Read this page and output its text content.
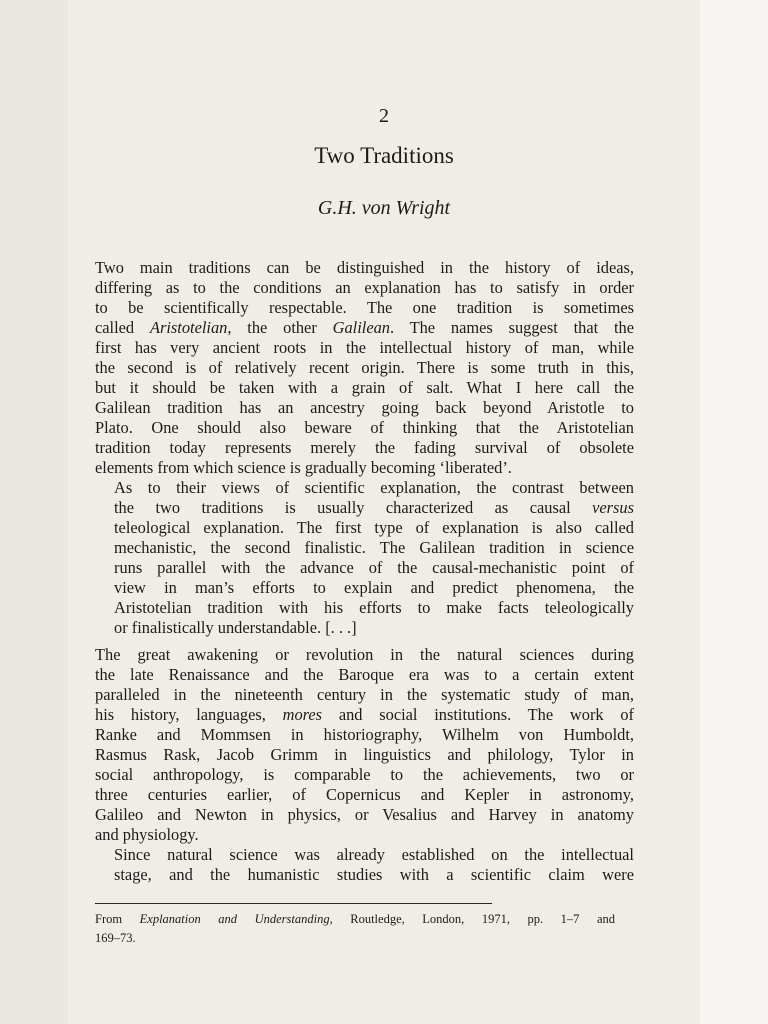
2
Two Traditions
G.H. von Wright

Two main traditions can be distinguished in the history of ideas,
differing as to the conditions an explanation has to satisfy in order
to be scientifically respectable. The one tradition is sometimes
called Aristotelian, the other Galilean. The names suggest that the
first has very ancient roots in the intellectual history of man, while
the second is of relatively recent origin. There is some truth in this,
but it should be taken with a grain of salt. What I here call the
Galilean tradition has an ancestry going back beyond Aristotle to
Plato. One should also beware of thinking that the Aristotelian
tradition today represents merely the fading survival of obsolete
elements from which science is gradually becoming ‘liberated’.

As to their views of scientific explanation, the contrast between
the two traditions is usually characterized as causal versus
teleological explanation. The first type of explanation is also called
mechanistic, the second finalistic. The Galilean tradition in science
runs parallel with the advance of the causal-mechanistic point of
view in man’s efforts to explain and predict phenomena, the
Aristotelian tradition with his efforts to make facts teleologically
or finalistically understandable. [. . .]

The great awakening or revolution in the natural sciences during
the late Renaissance and the Baroque era was to a certain extent
paralleled in the nineteenth century in the systematic study of man,
his history, languages, mores and social institutions. The work of
Ranke and Mommsen in historiography, Wilhelm von Humboldt,
Rasmus Rask, Jacob Grimm in linguistics and philology, Tylor in
social anthropology, is comparable to the achievements, two or
three centuries earlier, of Copernicus and Kepler in astronomy,
Galileo and Newton in physics, or Vesalius and Harvey in anatomy
and physiology.

Since natural science was already established on the intellectual
stage, and the humanistic studies with a scientific claim were

From Explanation and Understanding, Routledge, London, 1971, pp. 1–7 and
169–73.
